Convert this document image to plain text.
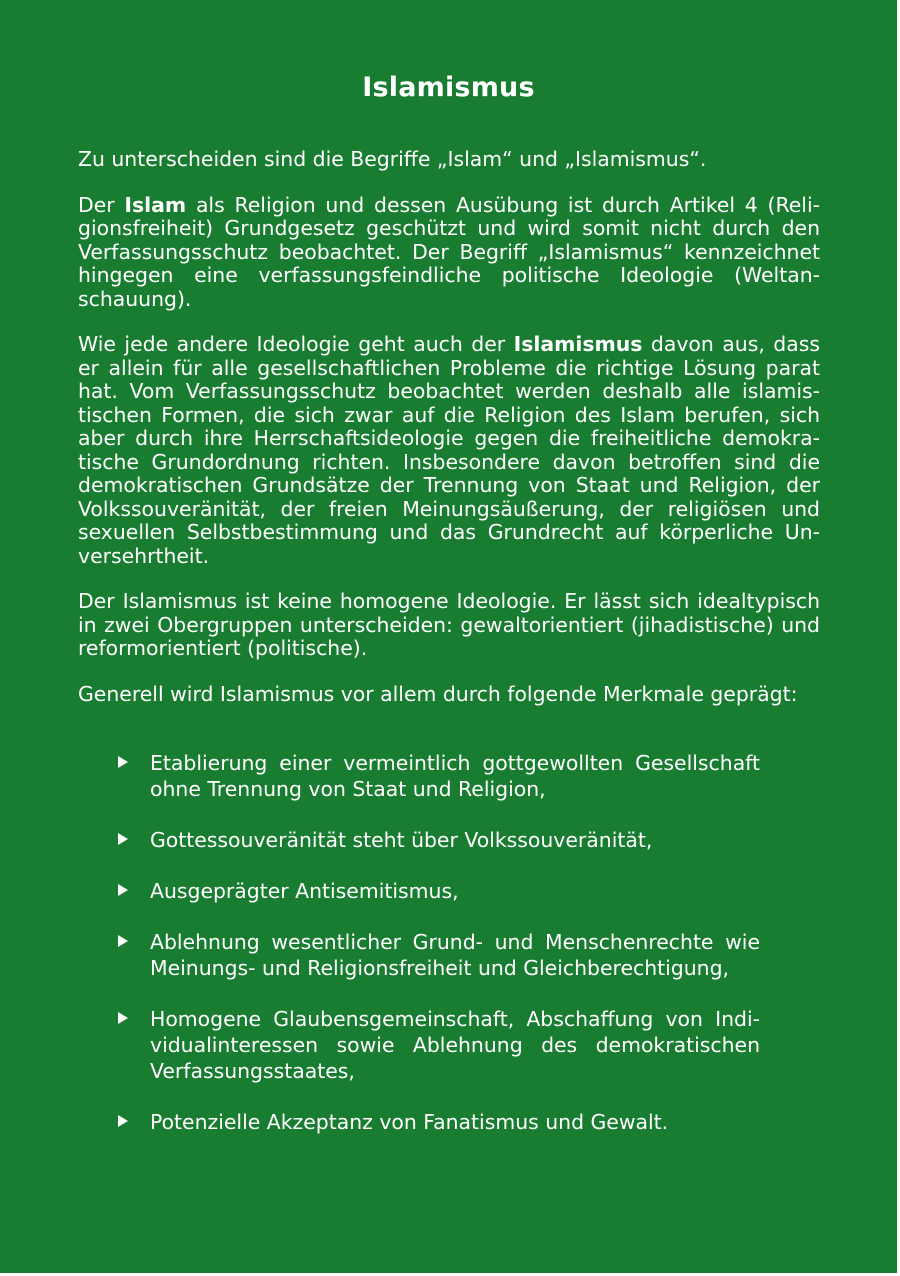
Islamismus

Zu unterscheiden sind die Begriffe „Islam“ und „Islamismus“.

Der Islam als Religion und dessen Ausübung ist durch Artikel 4 (Religionsfreiheit) Grundgesetz geschützt und wird somit nicht durch den Verfassungsschutz beobachtet. Der Begriff „Islamismus“ kennzeichnet hingegen eine verfassungsfeindliche politische Ideologie (Weltanschauung).

Wie jede andere Ideologie geht auch der Islamismus davon aus, dass er allein für alle gesellschaftlichen Probleme die richtige Lösung parat hat. Vom Verfassungsschutz beobachtet werden deshalb alle islamistischen Formen, die sich zwar auf die Religion des Islam berufen, sich aber durch ihre Herrschaftsideologie gegen die freiheitliche demokratische Grundordnung richten. Insbesondere davon betroffen sind die demokratischen Grundsätze der Trennung von Staat und Religion, der Volkssouveränität, der freien Meinungsäußerung, der religiösen und sexuellen Selbstbestimmung und das Grundrecht auf körperliche Unversehrtheit.

Der Islamismus ist keine homogene Ideologie. Er lässt sich idealtypisch in zwei Obergruppen unterscheiden: gewaltorientiert (jihadistische) und reformorientiert (politische).

Generell wird Islamismus vor allem durch folgende Merkmale geprägt:

Etablierung einer vermeintlich gottgewollten Gesellschaft ohne Trennung von Staat und Religion,
Gottessouveränität steht über Volkssouveränität,
Ausgeprägter Antisemitismus,
Ablehnung wesentlicher Grund- und Menschenrechte wie Meinungs- und Religionsfreiheit und Gleichberechtigung,
Homogene Glaubensgemeinschaft, Abschaffung von Individualinteressen sowie Ablehnung des demokratischen Verfassungsstaates,
Potenzielle Akzeptanz von Fanatismus und Gewalt.
